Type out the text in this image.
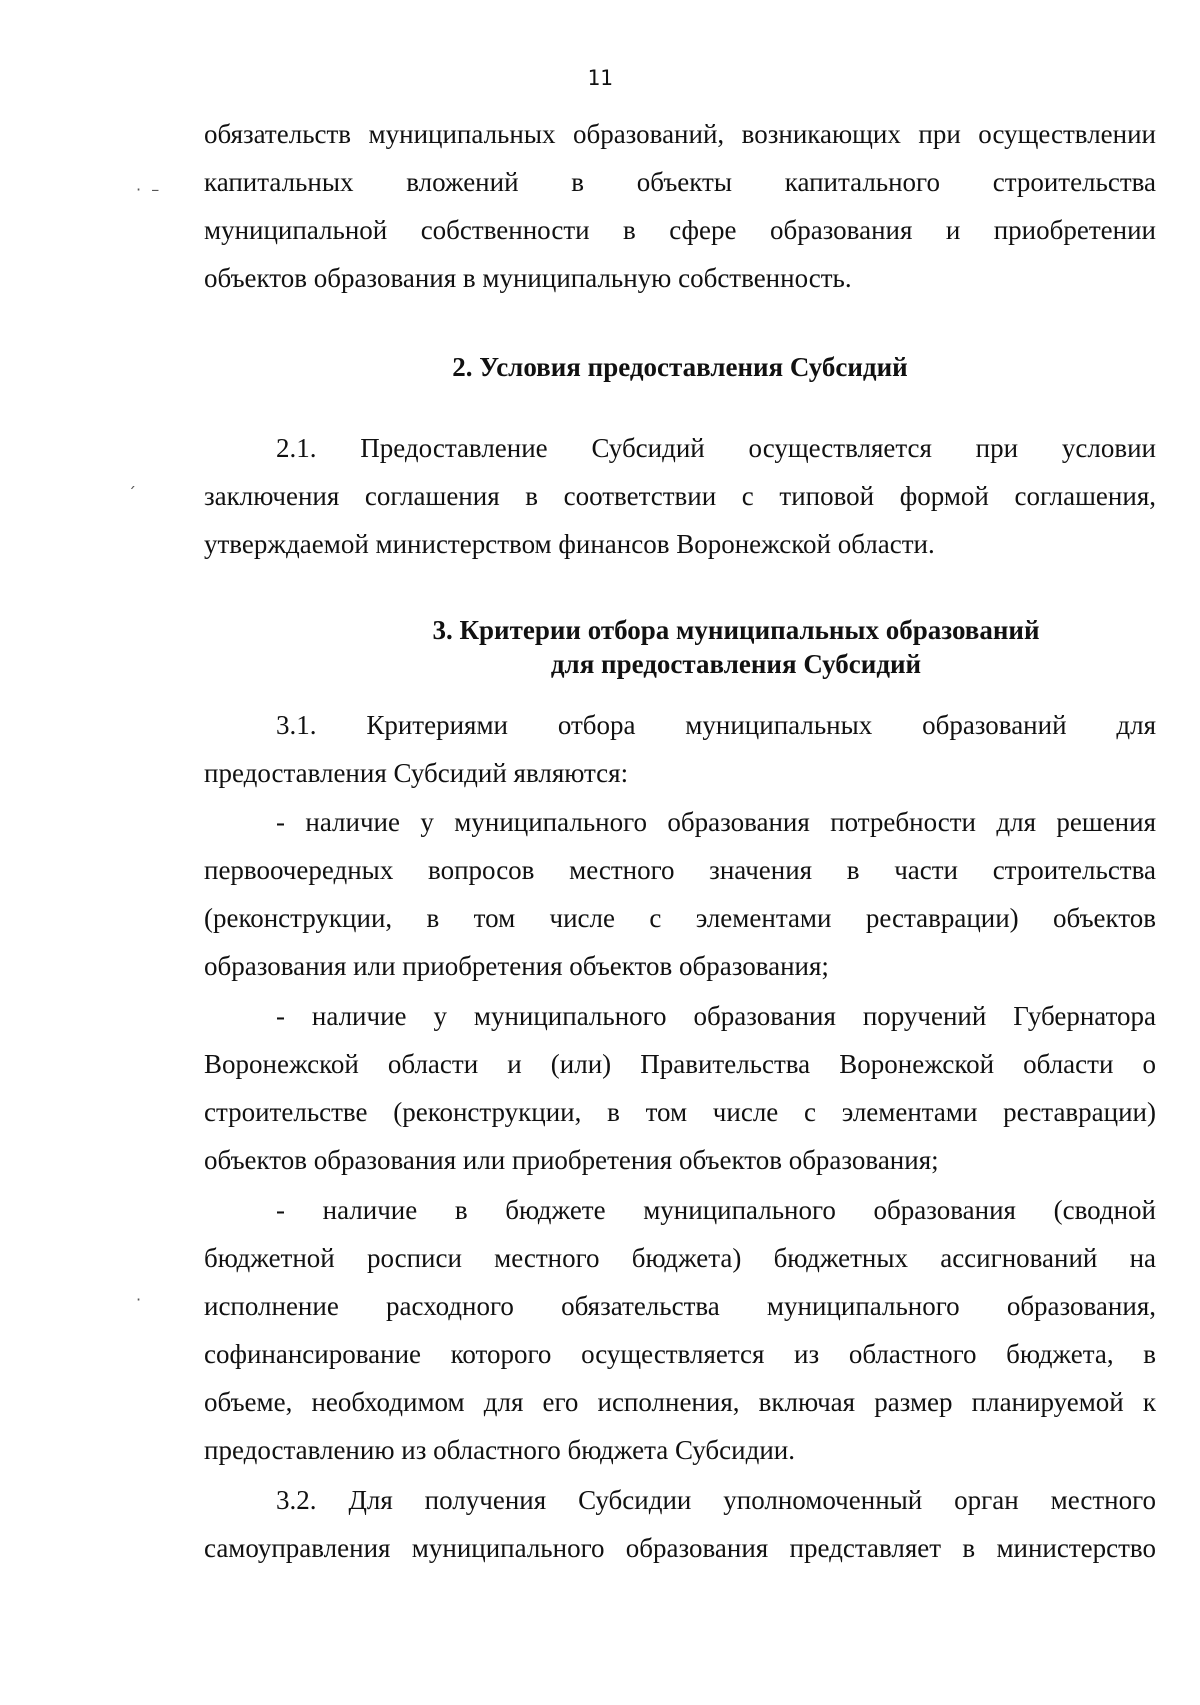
11
·  –
ˏ
·
обязательств муниципальных образований, возникающих при осуществлении
капитальных вложений в объекты капитального строительства
муниципальной собственности в сфере образования и приобретении
объектов образования в муниципальную собственность.
2. Условия предоставления Субсидий
2.1. Предоставление Субсидий осуществляется при условии
заключения соглашения в соответствии с типовой формой соглашения,
утверждаемой министерством финансов Воронежской области.
3. Критерии отбора муниципальных образований
для предоставления Субсидий
3.1. Критериями отбора муниципальных образований для
предоставления Субсидий являются:
- наличие у муниципального образования потребности для решения
первоочередных вопросов местного значения в части строительства
(реконструкции, в том числе с элементами реставрации) объектов
образования или приобретения объектов образования;
- наличие у муниципального образования поручений Губернатора
Воронежской области и (или) Правительства Воронежской области о
строительстве (реконструкции, в том числе с элементами реставрации)
объектов образования или приобретения объектов образования;
- наличие в бюджете муниципального образования (сводной
бюджетной росписи местного бюджета) бюджетных ассигнований на
исполнение расходного обязательства муниципального образования,
софинансирование которого осуществляется из областного бюджета, в
объеме, необходимом для его исполнения, включая размер планируемой к
предоставлению из областного бюджета Субсидии.
3.2. Для получения Субсидии уполномоченный орган местного
самоуправления муниципального образования представляет в министерство
